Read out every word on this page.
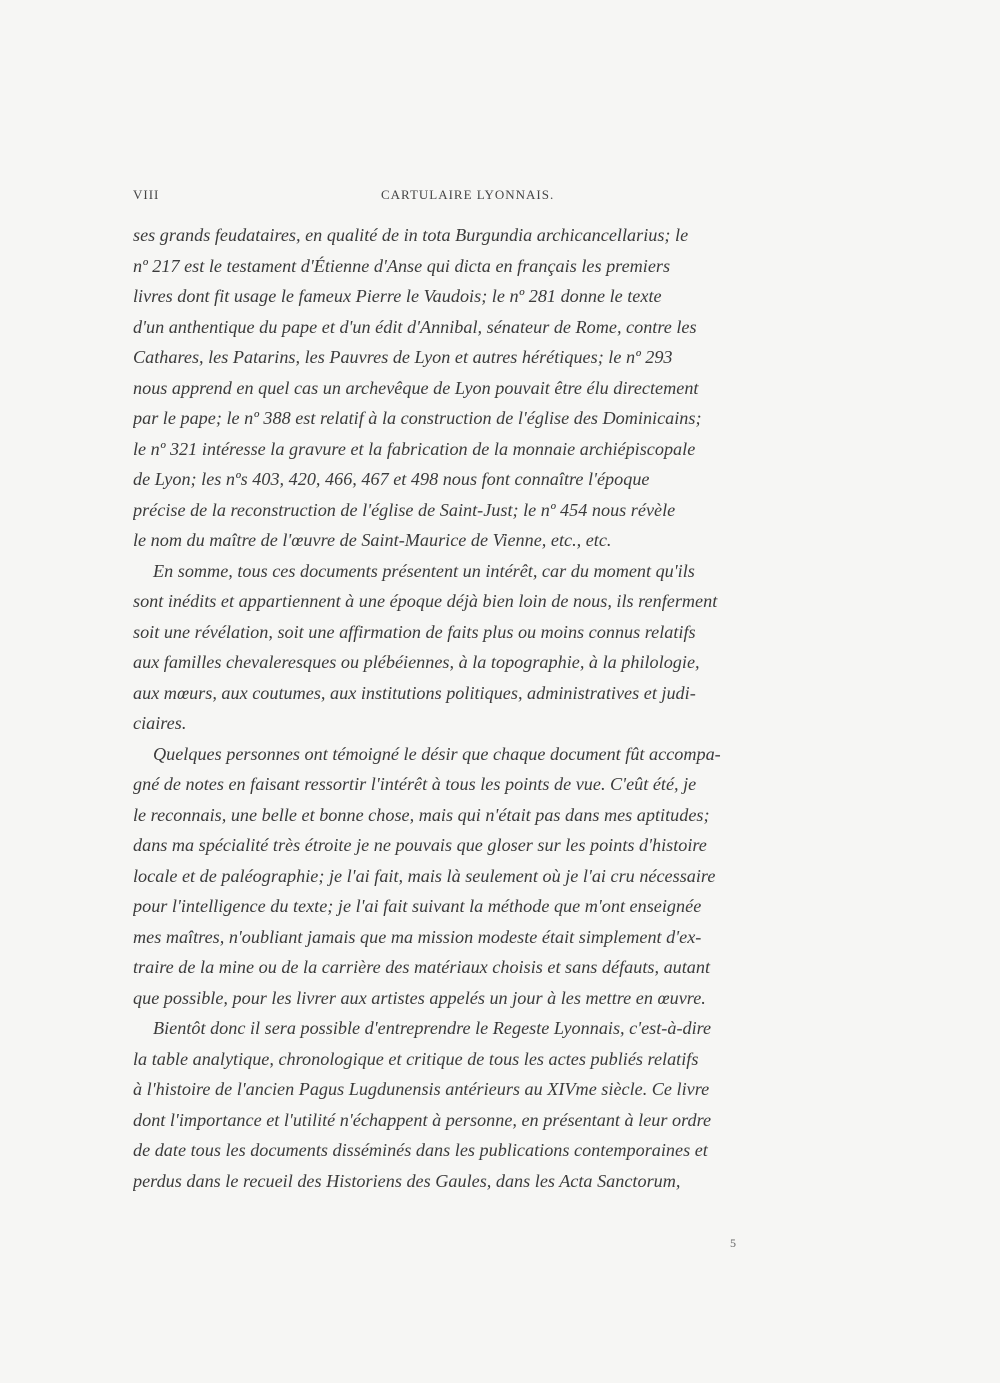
VIII	CARTULAIRE LYONNAIS.
ses grands feudataires, en qualité de in tota Burgundia archicancellarius; le
nº 217 est le testament d'Étienne d'Anse qui dicta en français les premiers
livres dont fit usage le fameux Pierre le Vaudois; le nº 281 donne le texte
d'un anthentique du pape et d'un édit d'Annibal, sénateur de Rome, contre les
Cathares, les Patarins, les Pauvres de Lyon et autres hérétiques; le nº 293
nous apprend en quel cas un archevêque de Lyon pouvait être élu directement
par le pape; le nº 388 est relatif à la construction de l'église des Dominicains;
le nº 321 intéresse la gravure et la fabrication de la monnaie archiépiscopale
de Lyon; les nºs 403, 420, 466, 467 et 498 nous font connaître l'époque
précise de la reconstruction de l'église de Saint-Just; le nº 454 nous révèle
le nom du maître de l'œuvre de Saint-Maurice de Vienne, etc., etc.
En somme, tous ces documents présentent un intérêt, car du moment qu'ils
sont inédits et appartiennent à une époque déjà bien loin de nous, ils renferment
soit une révélation, soit une affirmation de faits plus ou moins connus relatifs
aux familles chevaleresques ou plébéiennes, à la topographie, à la philologie,
aux mœurs, aux coutumes, aux institutions politiques, administratives et judi-
ciaires.
Quelques personnes ont témoigné le désir que chaque document fût accompa-
gné de notes en faisant ressortir l'intérêt à tous les points de vue. C'eût été, je
le reconnais, une belle et bonne chose, mais qui n'était pas dans mes aptitudes;
dans ma spécialité très étroite je ne pouvais que gloser sur les points d'histoire
locale et de paléographie; je l'ai fait, mais là seulement où je l'ai cru nécessaire
pour l'intelligence du texte; je l'ai fait suivant la méthode que m'ont enseignée
mes maîtres, n'oubliant jamais que ma mission modeste était simplement d'ex-
traire de la mine ou de la carrière des matériaux choisis et sans défauts, autant
que possible, pour les livrer aux artistes appelés un jour à les mettre en œuvre.
Bientôt donc il sera possible d'entreprendre le Regeste Lyonnais, c'est-à-dire
la table analytique, chronologique et critique de tous les actes publiés relatifs
à l'histoire de l'ancien Pagus Lugdunensis antérieurs au XIVme siècle. Ce livre
dont l'importance et l'utilité n'échappent à personne, en présentant à leur ordre
de date tous les documents disséminés dans les publications contemporaines et
perdus dans le recueil des Historiens des Gaules, dans les Acta Sanctorum,
5
